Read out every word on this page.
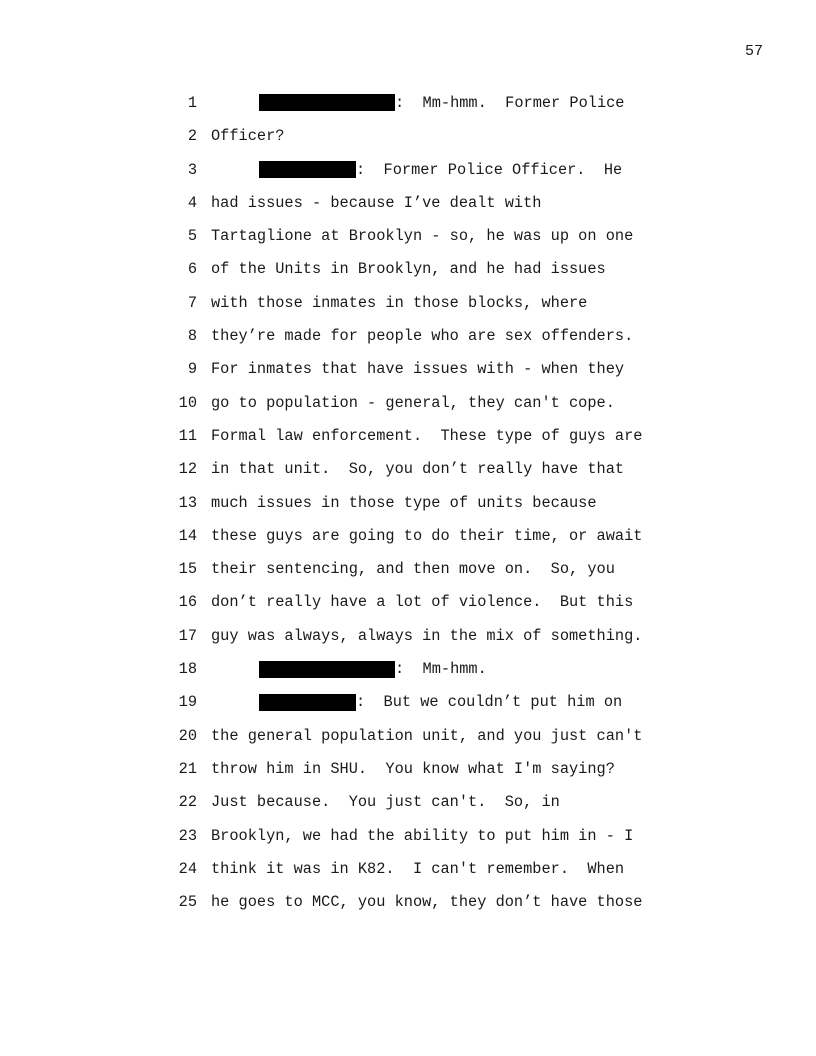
57
1	:  Mm-hmm.  Former Police
2 Officer?
3	:  Former Police Officer.  He
4 had issues - because I’ve dealt with
5 Tartaglione at Brooklyn - so, he was up on one
6 of the Units in Brooklyn, and he had issues
7 with those inmates in those blocks, where
8 they’re made for people who are sex offenders.
9 For inmates that have issues with - when they
10 go to population - general, they can't cope.
11 Formal law enforcement.  These type of guys are
12 in that unit.  So, you don’t really have that
13 much issues in those type of units because
14 these guys are going to do their time, or await
15 their sentencing, and then move on.  So, you
16 don’t really have a lot of violence.  But this
17 guy was always, always in the mix of something.
18	:  Mm-hmm.
19	:  But we couldn’t put him on
20 the general population unit, and you just can't
21 throw him in SHU.  You know what I'm saying?
22 Just because.  You just can't.  So, in
23 Brooklyn, we had the ability to put him in - I
24 think it was in K82.  I can't remember.  When
25 he goes to MCC, you know, they don’t have those
